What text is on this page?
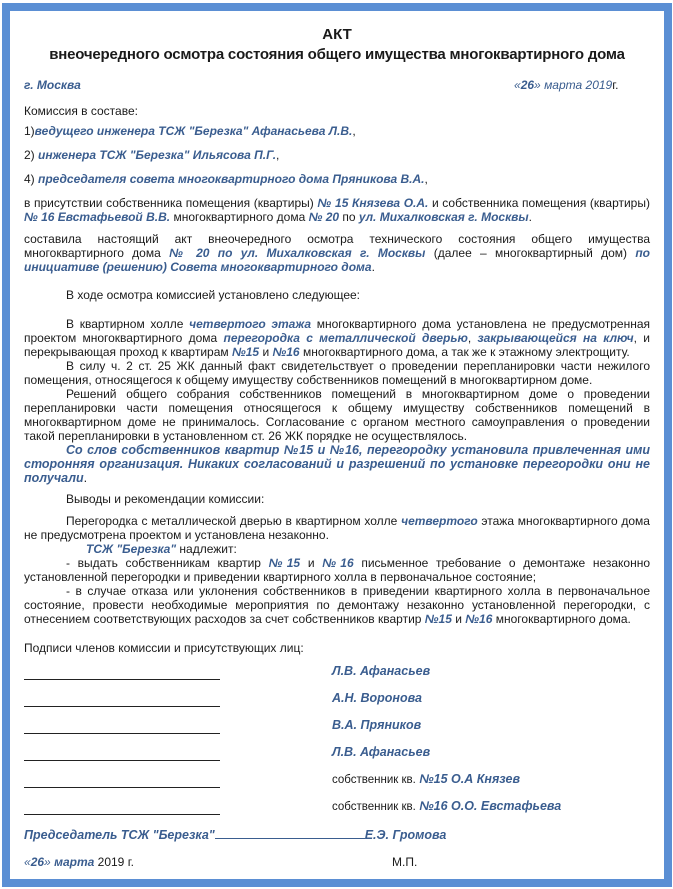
АКТ
внеочередного осмотра состояния общего имущества многоквартирного дома
г. Москва	«26» марта 2019г.
Комиссия в составе:
1)ведущего инженера ТСЖ "Березка" Афанасьева Л.В.,
2) инженера ТСЖ "Березка" Ильясова П.Г.,
4) председателя совета многоквартирного дома Пряникова В.А.,
в присутствии собственника помещения (квартиры) № 15 Князева О.А. и собственника помещения (квартиры) № 16 Евстафьевой В.В. многоквартирного дома № 20 по ул. Михалковская г. Москвы.
составила настоящий акт внеочередного осмотра технического состояния общего имущества многоквартирного дома № 20 по ул. Михалковская г. Москвы (далее – многоквартирный дом) по инициативе (решению) Совета многоквартирного дома.
В ходе осмотра комиссией установлено следующее:
В квартирном холле четвертого этажа многоквартирного дома установлена не предусмотренная проектом многоквартирного дома перегородка с металлической дверью, закрывающейся на ключ, и перекрывающая проход к квартирам №15 и №16 многоквартирного дома, а так же к этажному электрощиту.
В силу ч. 2 ст. 25 ЖК данный факт свидетельствует о проведении перепланировки части нежилого помещения, относящегося к общему имуществу собственников помещений в многоквартирном доме.
Решений общего собрания собственников помещений в многоквартирном доме о проведении перепланировки части помещения относящегося к общему имуществу собственников помещений в многоквартирном доме не принималось. Согласование с органом местного самоуправления о проведении такой перепланировки в установленном ст. 26 ЖК порядке не осуществлялось.
Со слов собственников квартир №15 и №16, перегородку установила привлеченная ими сторонняя организация. Никаких согласований и разрешений по установке перегородки они не получали.
Выводы и рекомендации комиссии:
Перегородка с металлической дверью в квартирном холле четвертого этажа многоквартирного дома не предусмотрена проектом и установлена незаконно.
ТСЖ "Березка" надлежит:
- выдать собственникам квартир №15 и №16 письменное требование о демонтаже незаконно установленной перегородки и приведении квартирного холла в первоначальное состояние;
- в случае отказа или уклонения собственников в приведении квартирного холла в первоначальное состояние, провести необходимые мероприятия по демонтажу незаконно установленной перегородки, с отнесением соответствующих расходов за счет собственников квартир №15 и №16 многоквартирного дома.
Подписи членов комиссии и присутствующих лиц:
Л.В. Афанасьев
А.Н. Воронова
В.А. Пряников
Л.В. Афанасьев
собственник кв. №15 О.А Князев
собственник кв. №16 О.О. Евстафьева
Председатель ТСЖ "Березка"	Е.Э. Громова
«26» марта 2019 г.	М.П.
